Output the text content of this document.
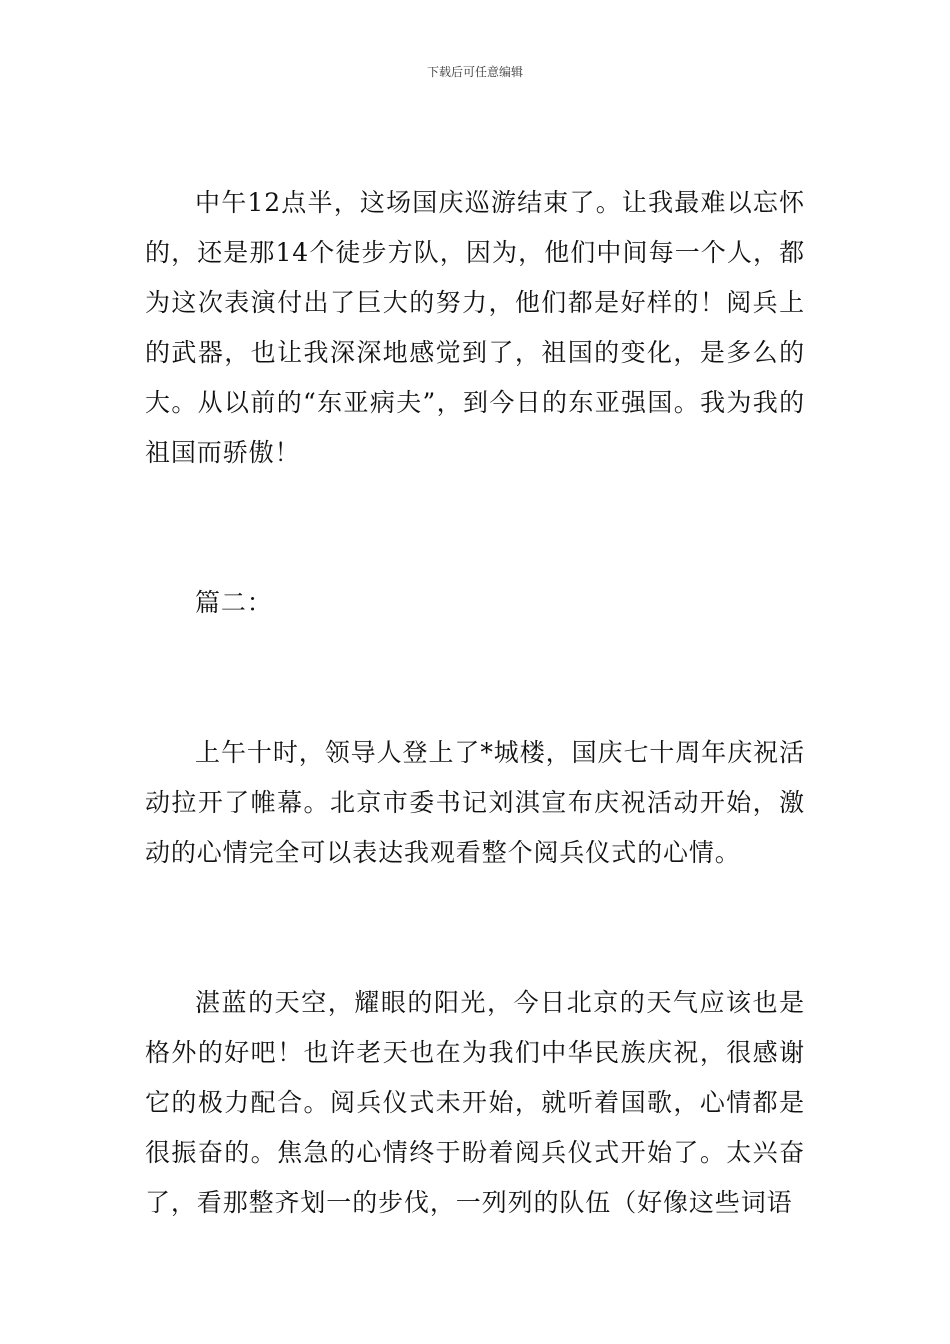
下载后可任意编辑

中午12点半，这场国庆巡游结束了。让我最难以忘怀的，还是那14个徒步方队，因为，他们中间每一个人，都为这次表演付出了巨大的努力，他们都是好样的！阅兵上的武器，也让我深深地感觉到了，祖国的变化，是多么的大。从以前的“东亚病夫”，到今日的东亚强国。我为我的祖国而骄傲！

篇二：

上午十时，领导人登上了*城楼，国庆七十周年庆祝活动拉开了帷幕。北京市委书记刘淇宣布庆祝活动开始，激动的心情完全可以表达我观看整个阅兵仪式的心情。

湛蓝的天空，耀眼的阳光，今日北京的天气应该也是格外的好吧！也许老天也在为我们中华民族庆祝，很感谢它的极力配合。阅兵仪式未开始，就听着国歌，心情都是很振奋的。焦急的心情终于盼着阅兵仪式开始了。太兴奋了，看那整齐划一的步伐，一列列的队伍（好像这些词语
